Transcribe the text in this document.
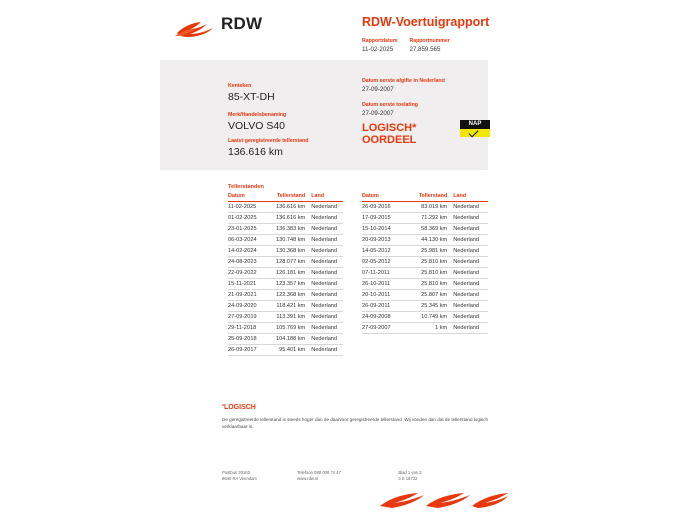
RDW	RDW-Voertuigrapport
Rapportdatum
11-02-2025

Rapportnummer
27.859.565
Kenteken
85-XT-DH
Merk/Handelsbenaming
VOLVO S40
Datum eerste afgifte in Nederland
27-09-2007
Datum eerste toelating
27-09-2007
LOGISCH*
OORDEEL
NAP
Laatst geregistreerde tellerstand
136.616 km
Tellerstanden
Datum	Tellerstand	Land
11-02-2025	136.616 km	Nederland
01-02-2025	136.616 km	Nederland
23-01-2025	136.383 km	Nederland
06-03-2024	130.748 km	Nederland
14-02-2024	130.368 km	Nederland
24-08-2023	128.077 km	Nederland
22-09-2022	126.181 km	Nederland
15-11-2021	123.357 km	Nederland
21-09-2021	122.368 km	Nederland
24-09-2020	118.421 km	Nederland
27-09-2019	113.391 km	Nederland
29-11-2018	105.769 km	Nederland
25-09-2018	104.188 km	Nederland
26-09-2017	95.401 km	Nederland
Datum	Tellerstand	Land
26-09-2016	83.019 km	Nederland
17-09-2015	71.292 km	Nederland
15-10-2014	58.369 km	Nederland
20-09-2013	44.130 km	Nederland
14-05-2012	25.981 km	Nederland
02-05-2012	25.810 km	Nederland
07-11-2011	25.810 km	Nederland
26-10-2011	25.810 km	Nederland
20-10-2011	25.807 km	Nederland
26-09-2011	25.345 km	Nederland
24-09-2008	10.749 km	Nederland
27-09-2007	1 km	Nederland
*LOGISCH
De geregistreerde tellerstand is steeds hoger dan de daarvoor geregistreerde tellerstand. Wij vonden dan dat de tellerstand logisch verklaarbaar is.
Postbus 30163
9640 RA Veendam

Telefoon 088 008 74 47
www.rdw.nl

Blad 1 van 3
3 E 18732
